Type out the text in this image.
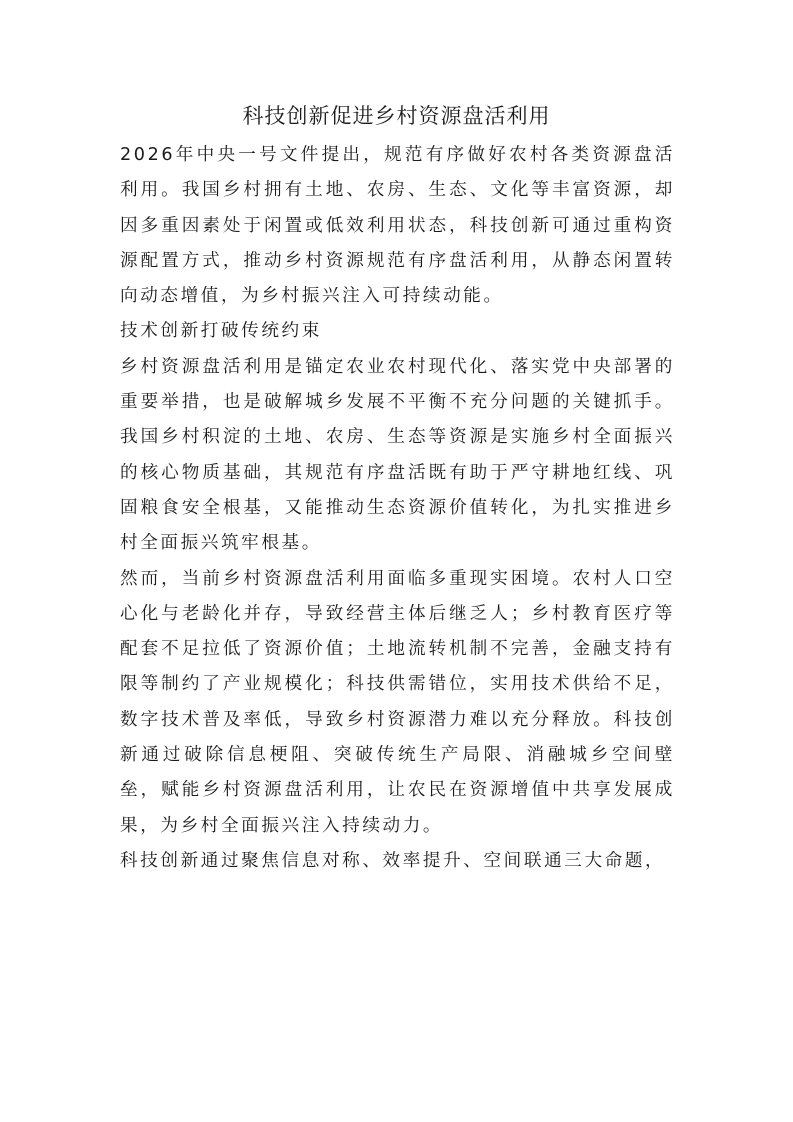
科技创新促进乡村资源盘活利用

2026年中央一号文件提出，规范有序做好农村各类资源盘活利用。我国乡村拥有土地、农房、生态、文化等丰富资源，却因多重因素处于闲置或低效利用状态，科技创新可通过重构资源配置方式，推动乡村资源规范有序盘活利用，从静态闲置转向动态增值，为乡村振兴注入可持续动能。

技术创新打破传统约束

乡村资源盘活利用是锚定农业农村现代化、落实党中央部署的重要举措，也是破解城乡发展不平衡不充分问题的关键抓手。我国乡村积淀的土地、农房、生态等资源是实施乡村全面振兴的核心物质基础，其规范有序盘活既有助于严守耕地红线、巩固粮食安全根基，又能推动生态资源价值转化，为扎实推进乡村全面振兴筑牢根基。

然而，当前乡村资源盘活利用面临多重现实困境。农村人口空心化与老龄化并存，导致经营主体后继乏人；乡村教育医疗等配套不足拉低了资源价值；土地流转机制不完善，金融支持有限等制约了产业规模化；科技供需错位，实用技术供给不足，数字技术普及率低，导致乡村资源潜力难以充分释放。科技创新通过破除信息梗阻、突破传统生产局限、消融城乡空间壁垒，赋能乡村资源盘活利用，让农民在资源增值中共享发展成果，为乡村全面振兴注入持续动力。

科技创新通过聚焦信息对称、效率提升、空间联通三大命题，
